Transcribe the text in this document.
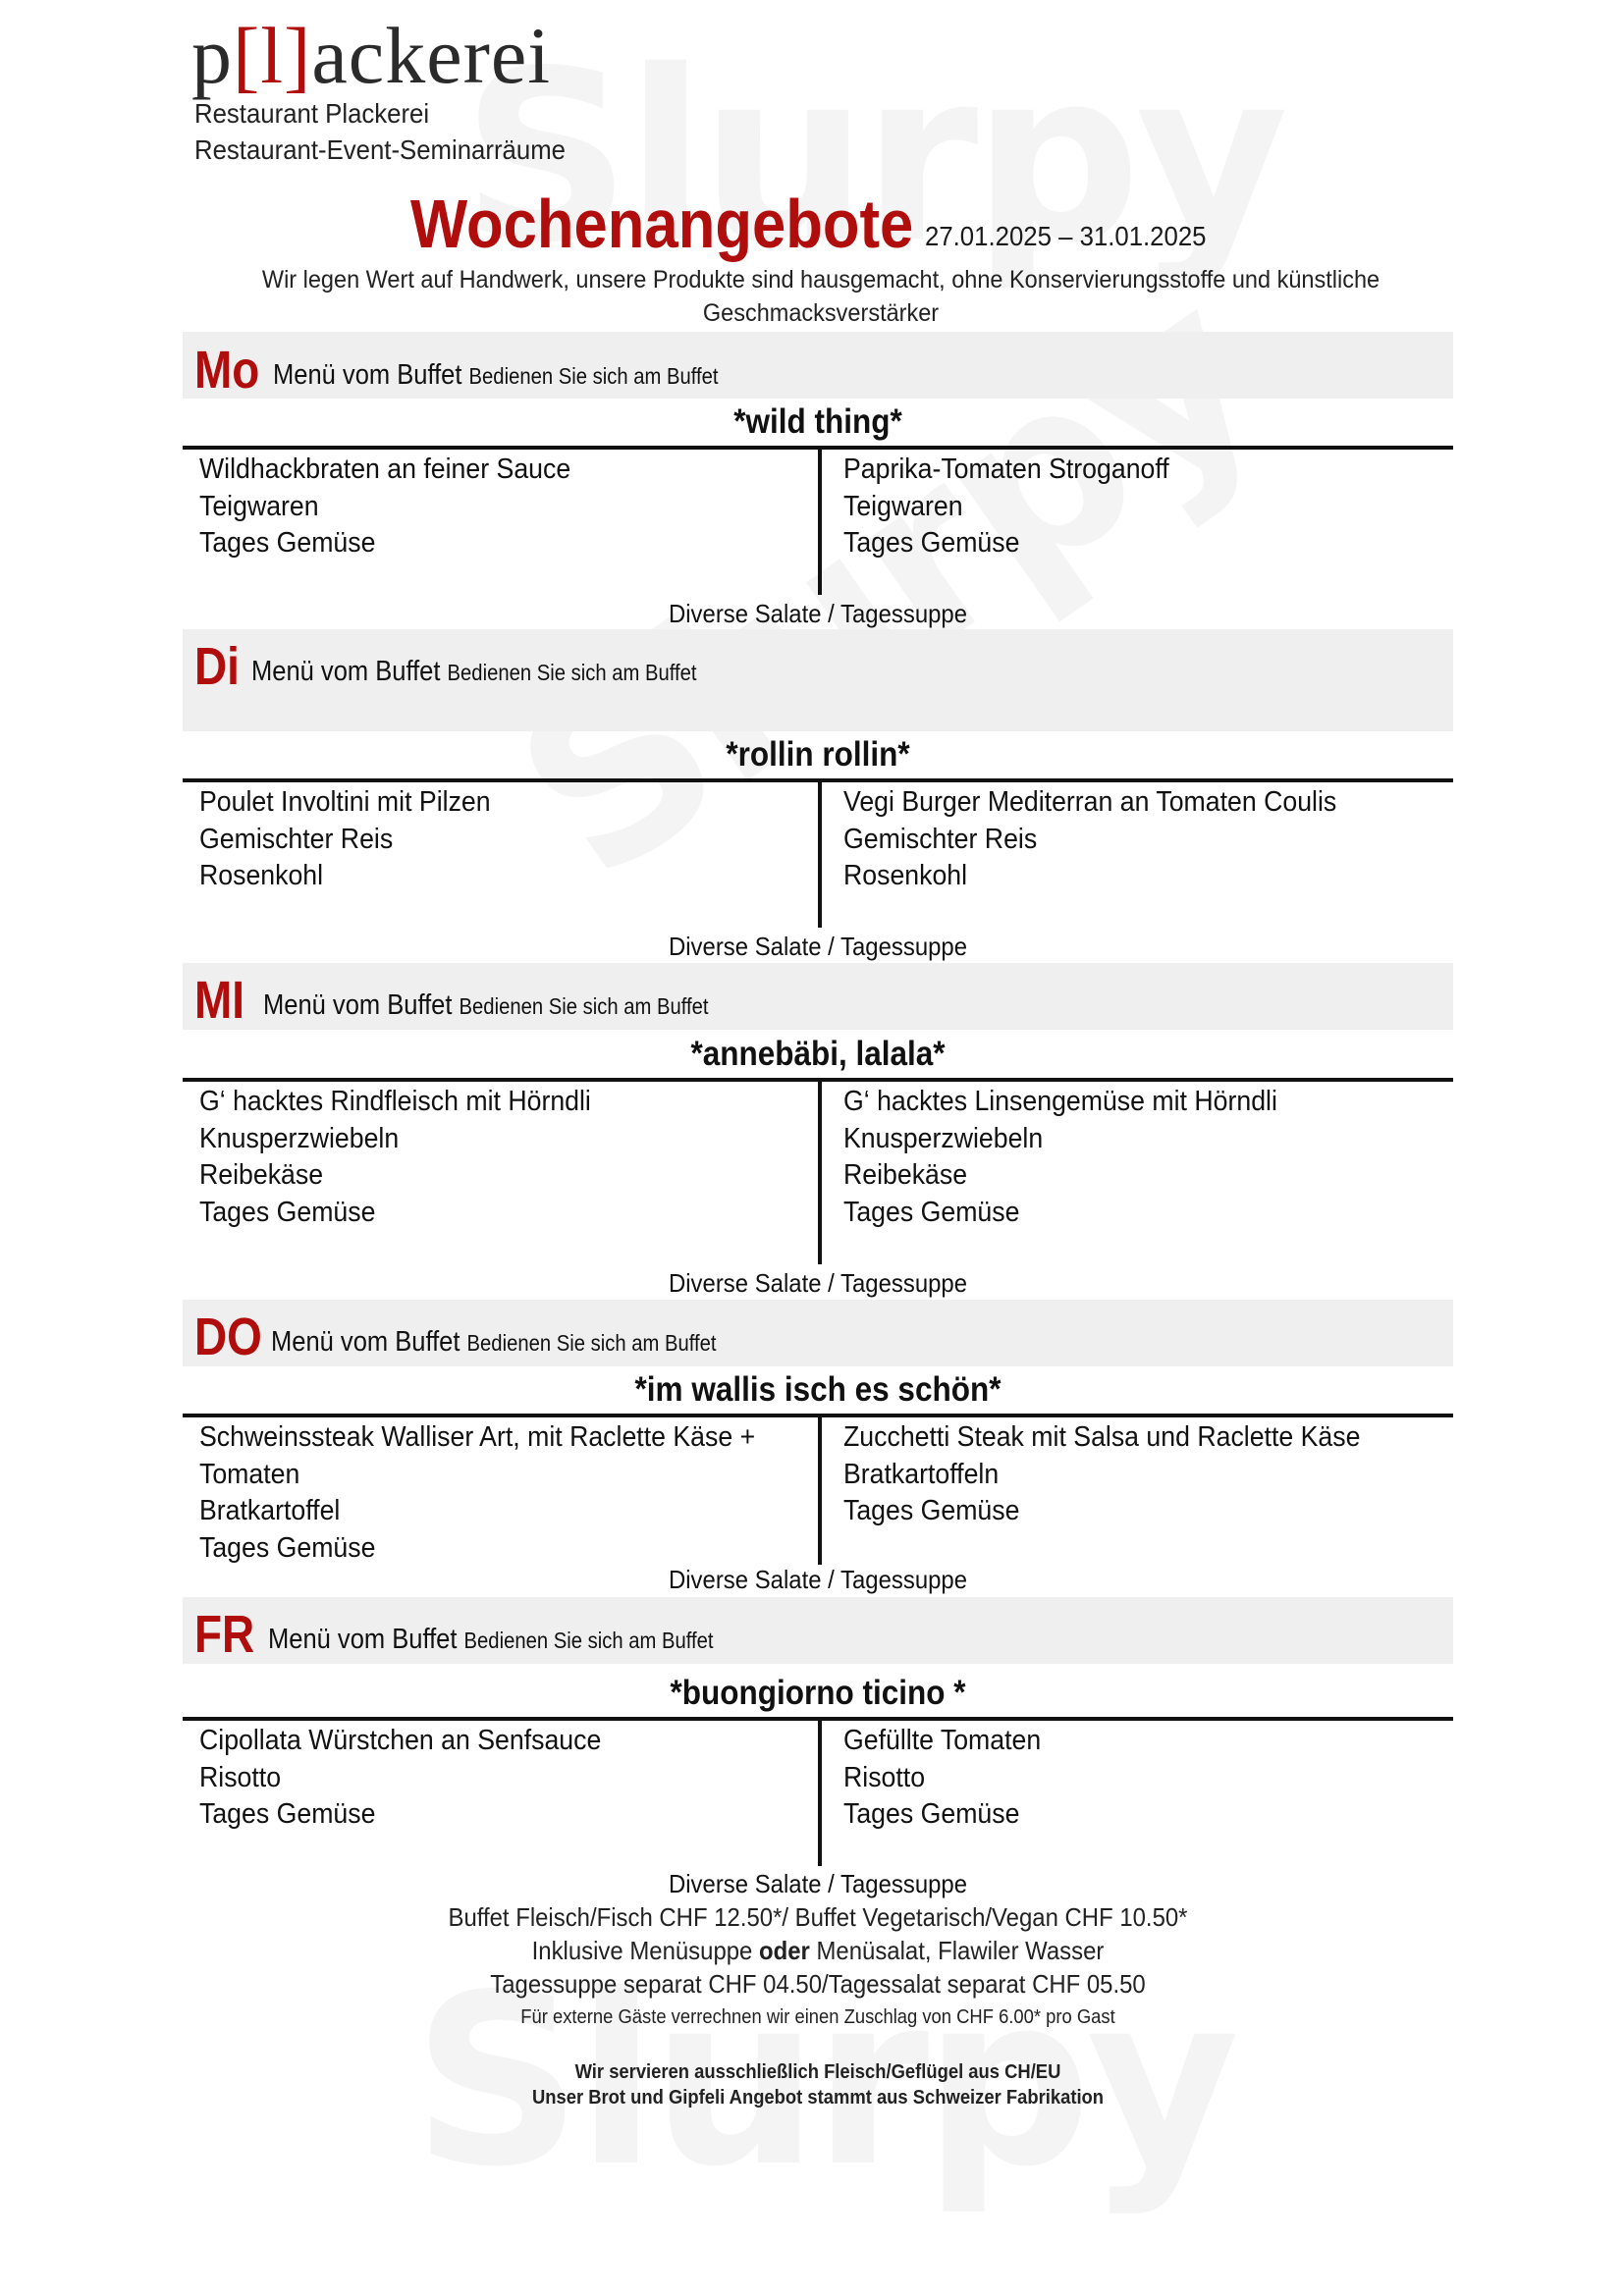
p[l]ackerei
Restaurant Plackerei
Restaurant-Event-Seminarräume
Wochenangebote 27.01.2025 – 31.01.2025
Wir legen Wert auf Handwerk, unsere Produkte sind hausgemacht, ohne Konservierungsstoffe und künstliche
Geschmacksverstärker
Mo Menü vom Buffet Bedienen Sie sich am Buffet
*wild thing*
Wildhackbraten an feiner Sauce
Teigwaren
Tages Gemüse
Paprika-Tomaten Stroganoff
Teigwaren
Tages Gemüse
Diverse Salate / Tagessuppe
Di Menü vom Buffet Bedienen Sie sich am Buffet
*rollin rollin*
Poulet Involtini mit Pilzen
Gemischter Reis
Rosenkohl
Vegi Burger Mediterran an Tomaten Coulis
Gemischter Reis
Rosenkohl
Diverse Salate / Tagessuppe
MI Menü vom Buffet Bedienen Sie sich am Buffet
*annebäbi, lalala*
G‘ hacktes Rindfleisch mit Hörndli
Knusperzwiebeln
Reibekäse
Tages Gemüse
G‘ hacktes Linsengemüse mit Hörndli
Knusperzwiebeln
Reibekäse
Tages Gemüse
Diverse Salate / Tagessuppe
DO Menü vom Buffet Bedienen Sie sich am Buffet
*im wallis isch es schön*
Schweinssteak Walliser Art, mit Raclette Käse +
Tomaten
Bratkartoffel
Tages Gemüse
Zucchetti Steak mit Salsa und Raclette Käse
Bratkartoffeln
Tages Gemüse
Diverse Salate / Tagessuppe
FR Menü vom Buffet Bedienen Sie sich am Buffet
*buongiorno ticino *
Cipollata Würstchen an Senfsauce
Risotto
Tages Gemüse
Gefüllte Tomaten
Risotto
Tages Gemüse
Diverse Salate / Tagessuppe
Buffet Fleisch/Fisch CHF 12.50*/ Buffet Vegetarisch/Vegan CHF 10.50*
Inklusive Menüsuppe oder Menüsalat, Flawiler Wasser
Tagessuppe separat CHF 04.50/Tagessalat separat CHF 05.50
Für externe Gäste verrechnen wir einen Zuschlag von CHF 6.00* pro Gast
Wir servieren ausschließlich Fleisch/Geflügel aus CH/EU
Unser Brot und Gipfeli Angebot stammt aus Schweizer Fabrikation
